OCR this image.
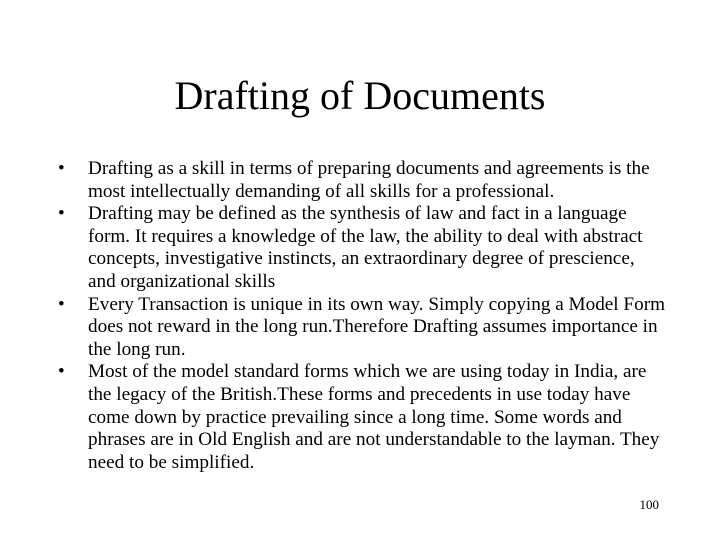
Drafting of Documents
•	Drafting as a skill in terms of preparing documents and agreements is the most intellectually demanding of all skills for a professional.
•	Drafting may be defined as the synthesis of law and fact in a language form. It requires a knowledge of the law, the ability to deal with abstract concepts, investigative instincts, an extraordinary degree of prescience, and organizational skills
•	Every Transaction is unique in its own way. Simply copying a Model Form does not reward in the long run.Therefore Drafting assumes importance in the long run.
•	Most of the model standard forms which we are using today in India, are the legacy of the British.These forms and precedents in use today have come down by practice prevailing since a long time. Some words and phrases are in Old English and are not understandable to the layman. They need to be simplified.
100
